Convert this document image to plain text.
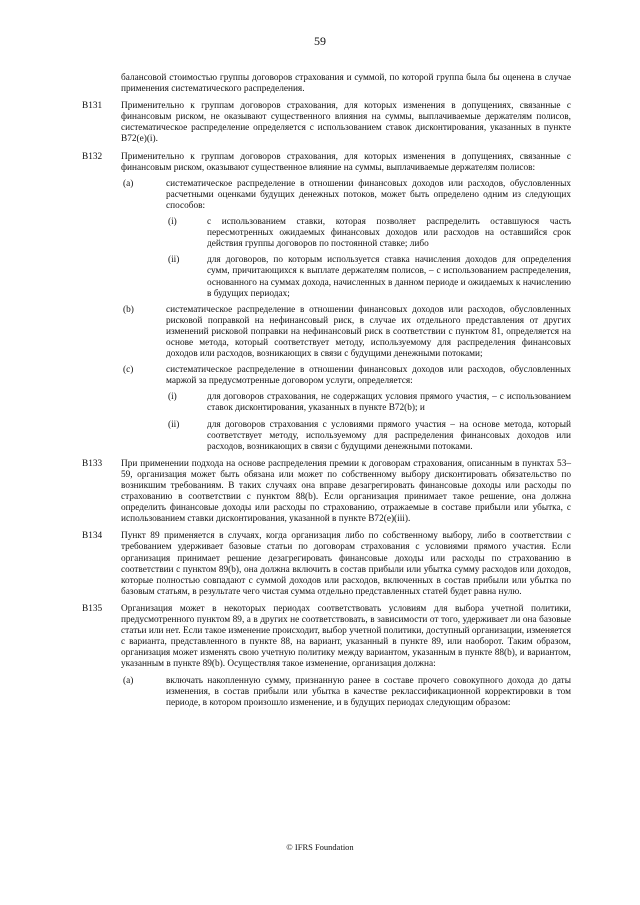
59

балансовой стоимостью группы договоров страхования и суммой, по которой группа была бы оценена в случае применения систематического распределения.

B131 Применительно к группам договоров страхования, для которых изменения в допущениях, связанные с финансовым риском, не оказывают существенного влияния на суммы, выплачиваемые держателям полисов, систематическое распределение определяется с использованием ставок дисконтирования, указанных в пункте B72(e)(i).

B132 Применительно к группам договоров страхования, для которых изменения в допущениях, связанные с финансовым риском, оказывают существенное влияние на суммы, выплачиваемые держателям полисов:

(a)	систематическое распределение в отношении финансовых доходов или расходов, обусловленных расчетными оценками будущих денежных потоков, может быть определено одним из следующих способов:

(i)	с использованием ставки, которая позволяет распределить оставшуюся часть пересмотренных ожидаемых финансовых доходов или расходов на оставшийся срок действия группы договоров по постоянной ставке; либо

(ii)	для договоров, по которым используется ставка начисления доходов для определения сумм, причитающихся к выплате держателям полисов, – с использованием распределения, основанного на суммах дохода, начисленных в данном периоде и ожидаемых к начислению в будущих периодах;

(b)	систематическое распределение в отношении финансовых доходов или расходов, обусловленных рисковой поправкой на нефинансовый риск, в случае их отдельного представления от других изменений рисковой поправки на нефинансовый риск в соответствии с пунктом 81, определяется на основе метода, который соответствует методу, используемому для распределения финансовых доходов или расходов, возникающих в связи с будущими денежными потоками;

(c)	систематическое распределение в отношении финансовых доходов или расходов, обусловленных маржой за предусмотренные договором услуги, определяется:

(i)	для договоров страхования, не содержащих условия прямого участия, – с использованием ставок дисконтирования, указанных в пункте B72(b); и

(ii)	для договоров страхования с условиями прямого участия – на основе метода, который соответствует методу, используемому для распределения финансовых доходов или расходов, возникающих в связи с будущими денежными потоками.

B133 При применении подхода на основе распределения премии к договорам страхования, описанным в пунктах 53–59, организация может быть обязана или может по собственному выбору дисконтировать обязательство по возникшим требованиям. В таких случаях она вправе дезагрегировать финансовые доходы или расходы по страхованию в соответствии с пунктом 88(b). Если организация принимает такое решение, она должна определить финансовые доходы или расходы по страхованию, отражаемые в составе прибыли или убытка, с использованием ставки дисконтирования, указанной в пункте B72(e)(iii).

B134 Пункт 89 применяется в случаях, когда организация либо по собственному выбору, либо в соответствии с требованием удерживает базовые статьи по договорам страхования с условиями прямого участия. Если организация принимает решение дезагрегировать финансовые доходы или расходы по страхованию в соответствии с пунктом 89(b), она должна включить в состав прибыли или убытка сумму расходов или доходов, которые полностью совпадают с суммой доходов или расходов, включенных в состав прибыли или убытка по базовым статьям, в результате чего чистая сумма отдельно представленных статей будет равна нулю.

B135 Организация может в некоторых периодах соответствовать условиям для выбора учетной политики, предусмотренного пунктом 89, а в других не соответствовать, в зависимости от того, удерживает ли она базовые статьи или нет. Если такое изменение происходит, выбор учетной политики, доступный организации, изменяется с варианта, представленного в пункте 88, на вариант, указанный в пункте 89, или наоборот. Таким образом, организация может изменять свою учетную политику между вариантом, указанным в пункте 88(b), и вариантом, указанным в пункте 89(b). Осуществляя такое изменение, организация должна:

(a)	включать накопленную сумму, признанную ранее в составе прочего совокупного дохода до даты изменения, в состав прибыли или убытка в качестве реклассификационной корректировки в том периоде, в котором произошло изменение, и в будущих периодах следующим образом:

© IFRS Foundation
